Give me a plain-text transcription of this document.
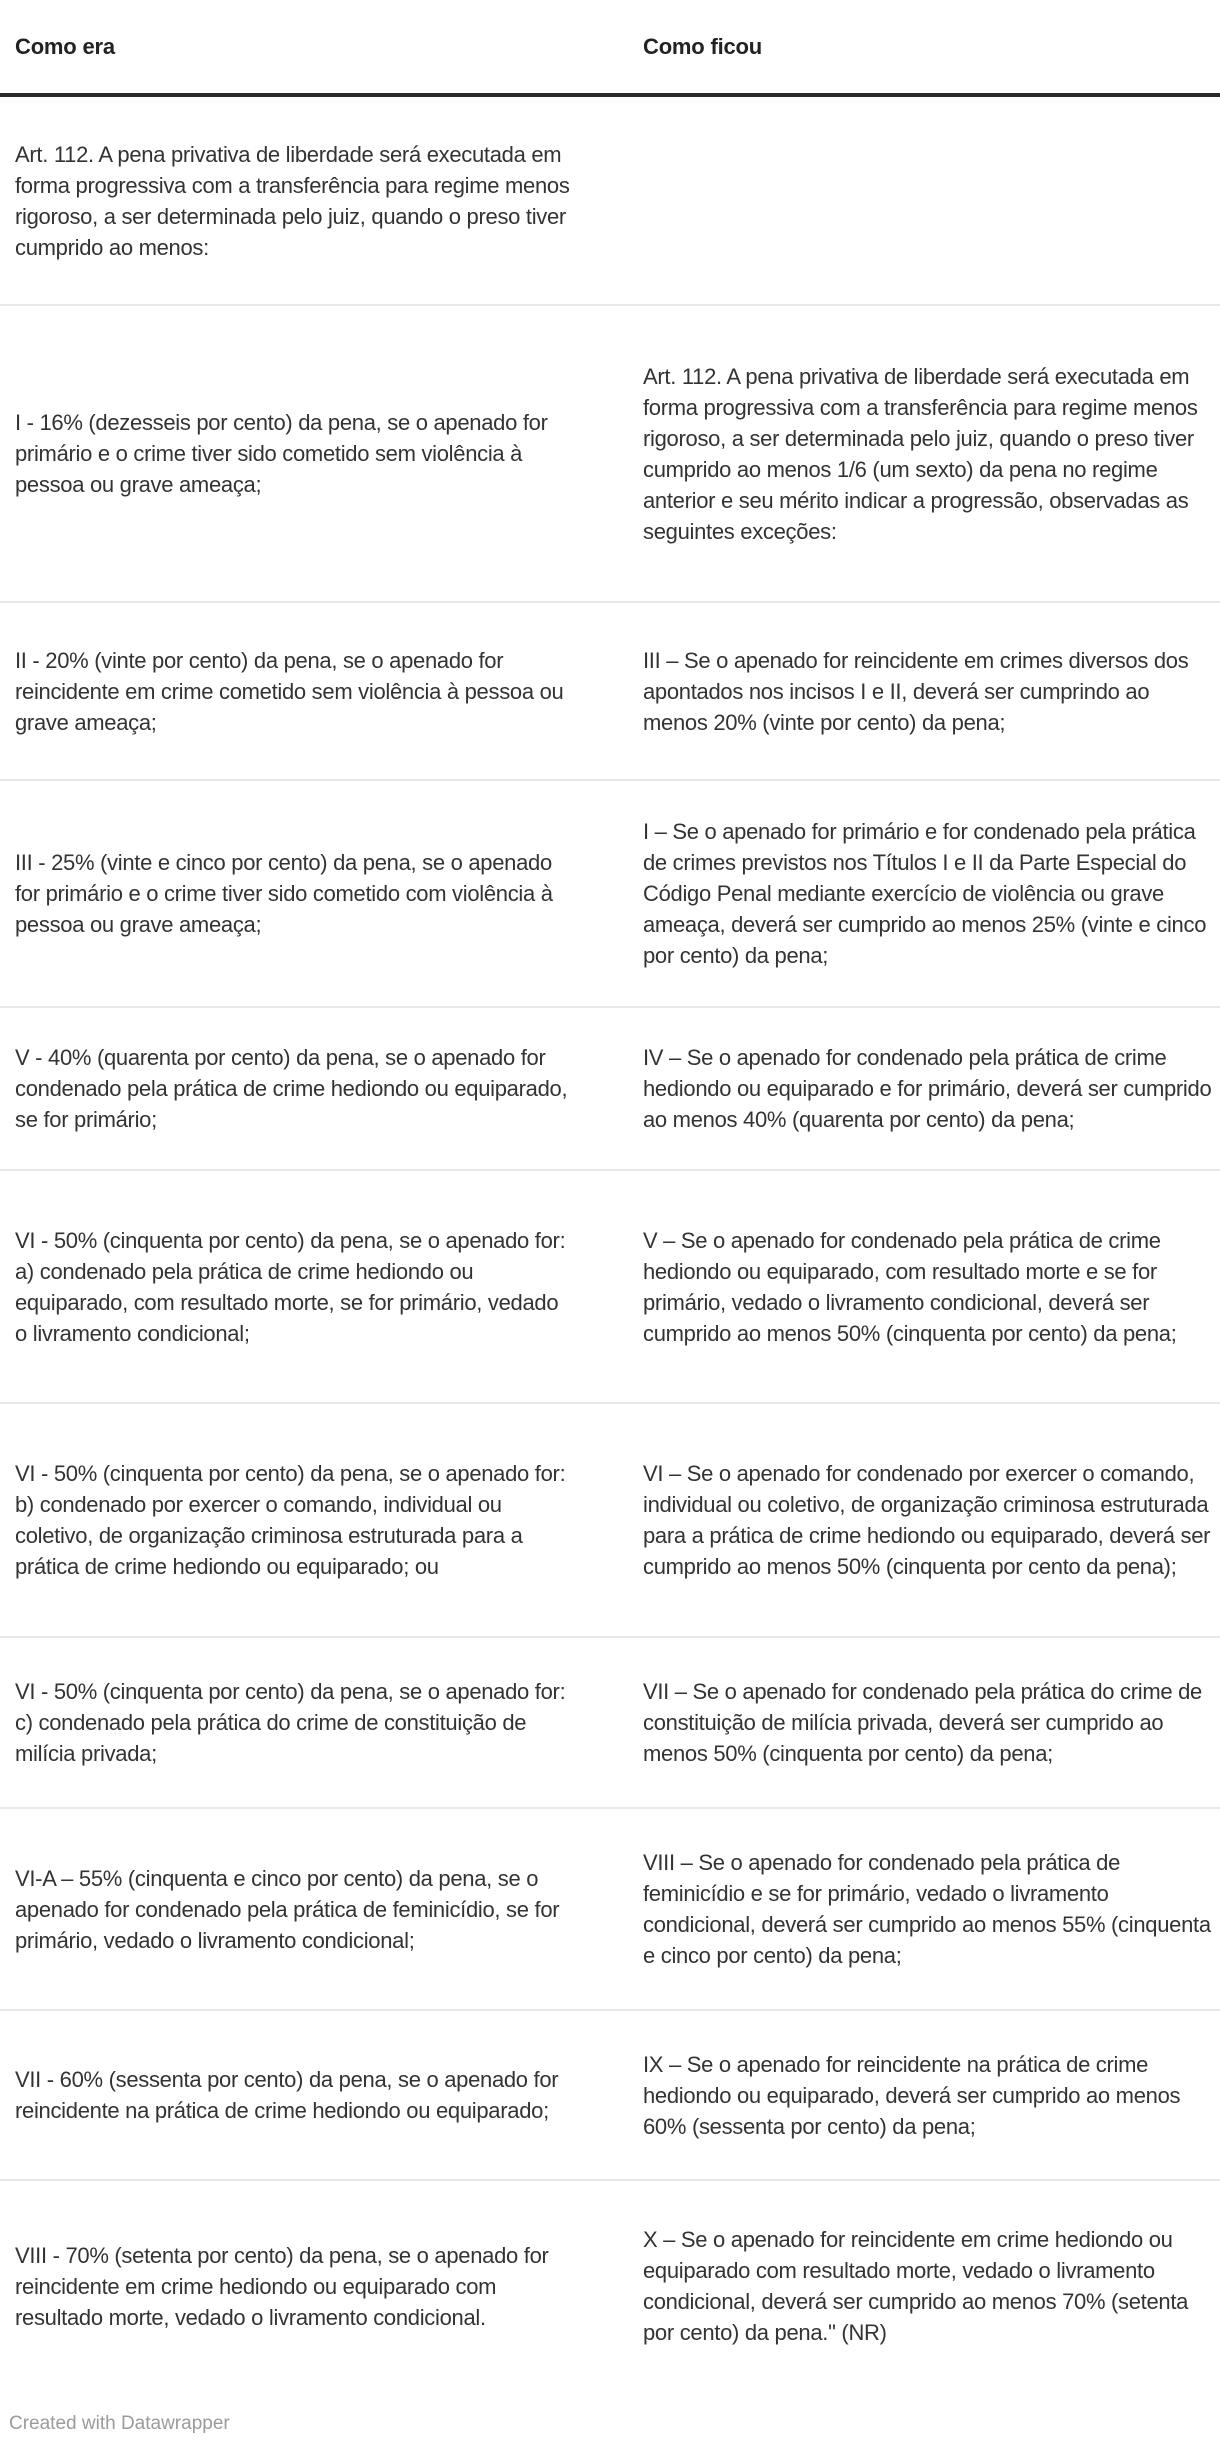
Como era	Como ficou
Art. 112. A pena privativa de liberdade será executada em forma progressiva com a transferência para regime menos rigoroso, a ser determinada pelo juiz, quando o preso tiver cumprido ao menos:	
I - 16% (dezesseis por cento) da pena, se o apenado for primário e o crime tiver sido cometido sem violência à pessoa ou grave ameaça;	Art. 112. A pena privativa de liberdade será executada em forma progressiva com a transferência para regime menos rigoroso, a ser determinada pelo juiz, quando o preso tiver cumprido ao menos 1/6 (um sexto) da pena no regime anterior e seu mérito indicar a progressão, observadas as seguintes exceções:
II - 20% (vinte por cento) da pena, se o apenado for reincidente em crime cometido sem violência à pessoa ou grave ameaça;	III – Se o apenado for reincidente em crimes diversos dos apontados nos incisos I e II, deverá ser cumprindo ao menos 20% (vinte por cento) da pena;
III - 25% (vinte e cinco por cento) da pena, se o apenado for primário e o crime tiver sido cometido com violência à pessoa ou grave ameaça;	I – Se o apenado for primário e for condenado pela prática de crimes previstos nos Títulos I e II da Parte Especial do Código Penal mediante exercício de violência ou grave ameaça, deverá ser cumprido ao menos 25% (vinte e cinco por cento) da pena;
V - 40% (quarenta por cento) da pena, se o apenado for condenado pela prática de crime hediondo ou equiparado, se for primário;	IV – Se o apenado for condenado pela prática de crime hediondo ou equiparado e for primário, deverá ser cumprido ao menos 40% (quarenta por cento) da pena;
VI - 50% (cinquenta por cento) da pena, se o apenado for: a) condenado pela prática de crime hediondo ou equiparado, com resultado morte, se for primário, vedado o livramento condicional;	V – Se o apenado for condenado pela prática de crime hediondo ou equiparado, com resultado morte e se for primário, vedado o livramento condicional, deverá ser cumprido ao menos 50% (cinquenta por cento) da pena;
VI - 50% (cinquenta por cento) da pena, se o apenado for: b) condenado por exercer o comando, individual ou coletivo, de organização criminosa estruturada para a prática de crime hediondo ou equiparado; ou	VI – Se o apenado for condenado por exercer o comando, individual ou coletivo, de organização criminosa estruturada para a prática de crime hediondo ou equiparado, deverá ser cumprido ao menos 50% (cinquenta por cento da pena);
VI - 50% (cinquenta por cento) da pena, se o apenado for: c) condenado pela prática do crime de constituição de milícia privada;	VII – Se o apenado for condenado pela prática do crime de constituição de milícia privada, deverá ser cumprido ao menos 50% (cinquenta por cento) da pena;
VI-A – 55% (cinquenta e cinco por cento) da pena, se o apenado for condenado pela prática de feminicídio, se for primário, vedado o livramento condicional;	VIII – Se o apenado for condenado pela prática de feminicídio e se for primário, vedado o livramento condicional, deverá ser cumprido ao menos 55% (cinquenta e cinco por cento) da pena;
VII - 60% (sessenta por cento) da pena, se o apenado for reincidente na prática de crime hediondo ou equiparado;	IX – Se o apenado for reincidente na prática de crime hediondo ou equiparado, deverá ser cumprido ao menos 60% (sessenta por cento) da pena;
VIII - 70% (setenta por cento) da pena, se o apenado for reincidente em crime hediondo ou equiparado com resultado morte, vedado o livramento condicional.	X – Se o apenado for reincidente em crime hediondo ou equiparado com resultado morte, vedado o livramento condicional, deverá ser cumprido ao menos 70% (setenta por cento) da pena." (NR)
Created with Datawrapper
